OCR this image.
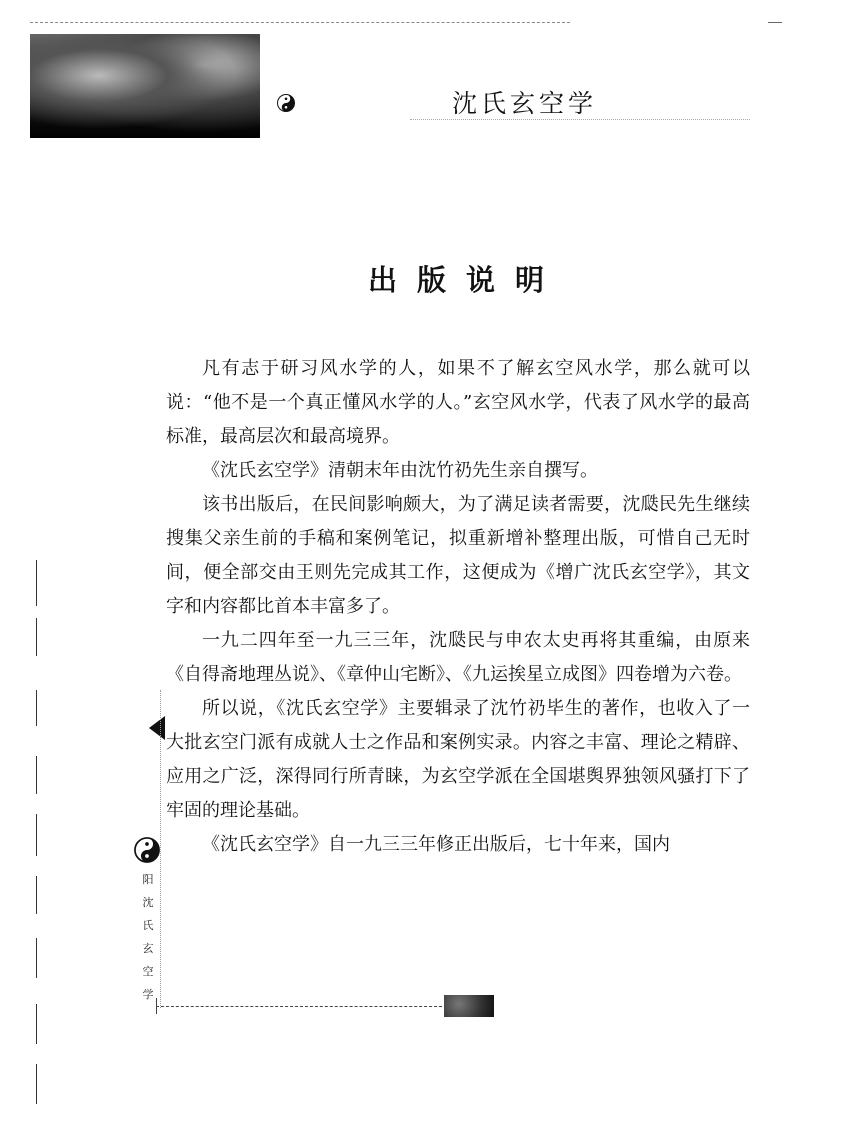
沈氏玄空学
出版说明

凡有志于研习风水学的人，如果不了解玄空风水学，那么就可以说：“他不是一个真正懂风水学的人。”玄空风水学，代表了风水学的最高标准，最高层次和最高境界。

《沈氏玄空学》清朝末年由沈竹礽先生亲自撰写。

该书出版后，在民间影响颇大，为了满足读者需要，沈瓞民先生继续搜集父亲生前的手稿和案例笔记，拟重新增补整理出版，可惜自己无时间，便全部交由王则先完成其工作，这便成为《增广沈氏玄空学》，其文字和内容都比首本丰富多了。

一九二四年至一九三三年，沈瓞民与申农太史再将其重编，由原来《自得斋地理丛说》、《章仲山宅断》、《九运挨星立成图》四卷增为六卷。

所以说，《沈氏玄空学》主要辑录了沈竹礽毕生的著作，也收入了一大批玄空门派有成就人士之作品和案例实录。内容之丰富、理论之精辟、应用之广泛，深得同行所青睐，为玄空学派在全国堪舆界独领风骚打下了牢固的理论基础。

《沈氏玄空学》自一九三三年修正出版后，七十年来，国内

阳
沈
氏
玄
空
学
